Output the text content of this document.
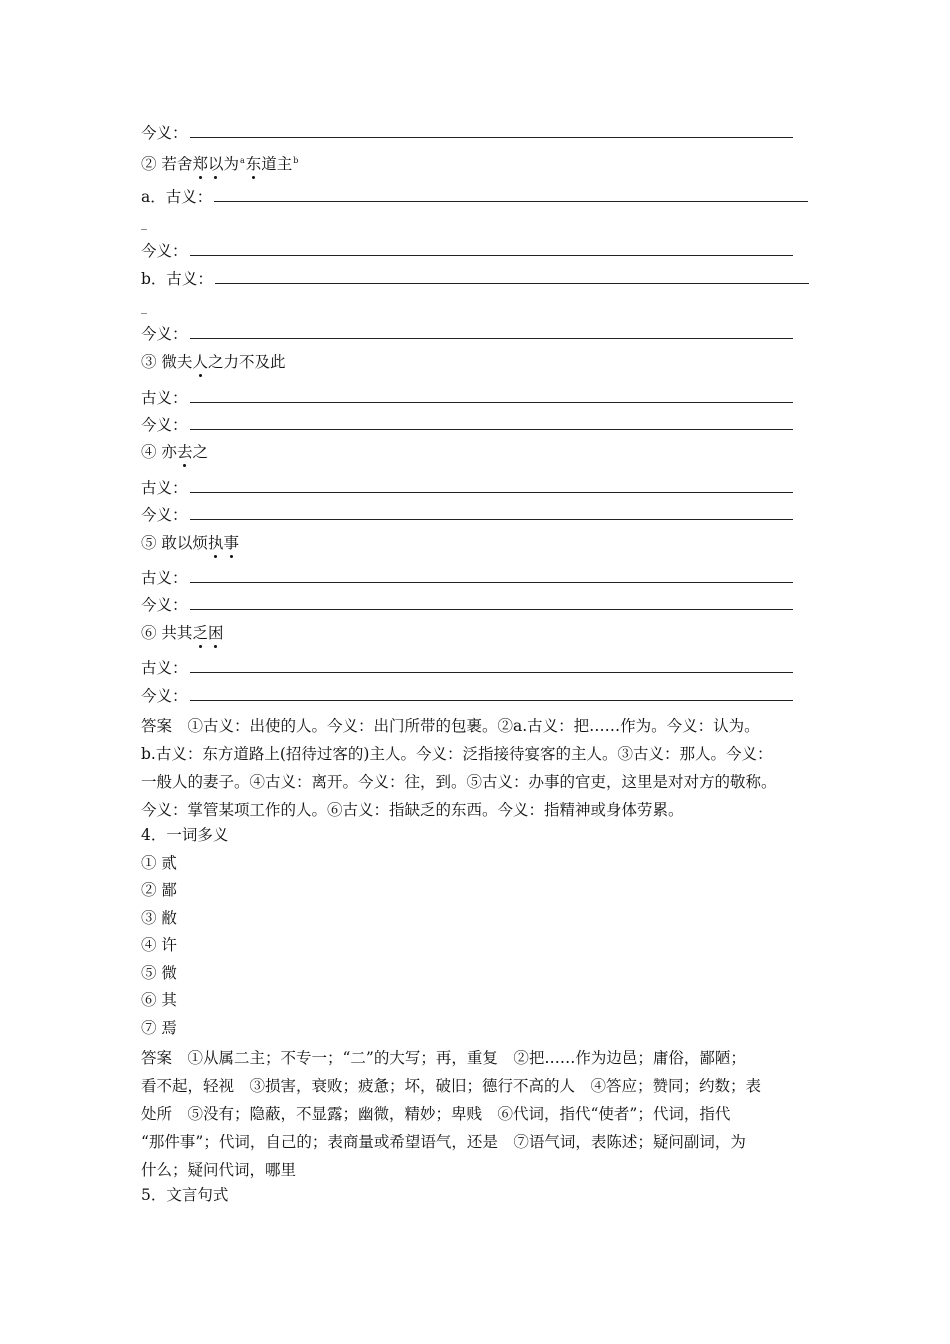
今义：
② 若舍郑以为$^a$东道主$^b$
a．古义：
_
今义：
b．古义：
_
今义：
③ 微夫人之力不及此
古义：
今义：
④ 亦去之
古义：
今义：
⑤ 敢以烦执事
古义：
今义：
⑥ 共其乏困
古义：
今义：
答案　①古义：出使的人。今义：出门所带的包裹。②a.古义：把……作为。今义：认为。
b.古义：东方道路上(招待过客的)主人。今义：泛指接待宴客的主人。③古义：那人。今义：
一般人的妻子。④古义：离开。今义：往，到。⑤古义：办事的官吏，这里是对对方的敬称。
今义：掌管某项工作的人。⑥古义：指缺乏的东西。今义：指精神或身体劳累。
4．一词多义
① 贰
② 鄙
③ 敝
④ 许
⑤ 微
⑥ 其
⑦ 焉
答案　①从属二主；不专一；“二”的大写；再，重复　②把……作为边邑；庸俗，鄙陋；
看不起，轻视　③损害，衰败；疲惫；坏，破旧；德行不高的人　④答应；赞同；约数；表
处所　⑤没有；隐蔽，不显露；幽微，精妙；卑贱　⑥代词，指代“使者”；代词，指代
“那件事”；代词，自己的；表商量或希望语气，还是　⑦语气词，表陈述；疑问副词，为
什么；疑问代词，哪里
5．文言句式
